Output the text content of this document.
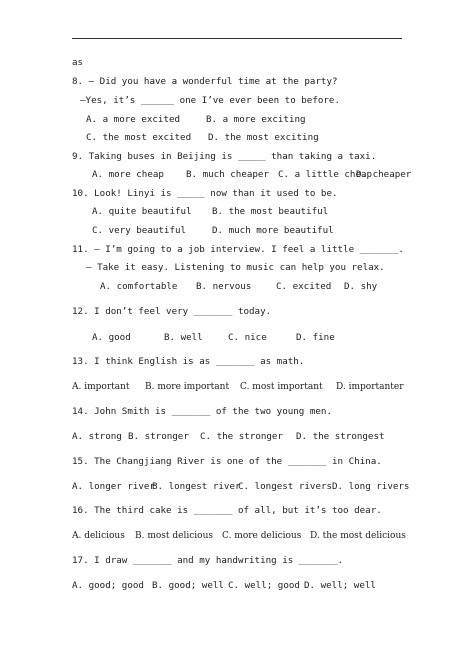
as
8. — Did you have a wonderful time at the party?
—Yes, it’s ______ one I’ve ever been to before.
A. a more excited	B. a more exciting
C. the most excited D. the most exciting
9. Taking buses in Beijing is _____ than taking a taxi.
A. more cheap B. much cheaper C. a little cheap
D. cheaper
10. Look! Linyi is _____ now than it used to be.
A. quite beautiful B. the most beautiful
C. very beautiful	D. much more beautiful
11. — I’m going to a job interview. I feel a little _______.
— Take it easy. Listening to music can help you relax.
A. comfortable B. nervous	C. excited D. shy
12. I don’t feel very _______ today.
A. good	B. well	C. nice	D. fine
13. I think English is as _______ as math.
A. important B. more important C. most important D. importanter
14. John Smith is _______ of the two young men.
A. strong B. stronger C. the stronger D. the strongest
15. The Changjiang River is one of the _______ in China.
A. longer river
B. longest river
C. longest rivers D. long rivers
16. The third cake is _______ of all, but it’s too dear.
A. delicious B. most delicious C. more delicious D. the most delicious
17. I draw _______ and my handwriting is _______.
A. good; good B. good; well C. well; good D. well; well
